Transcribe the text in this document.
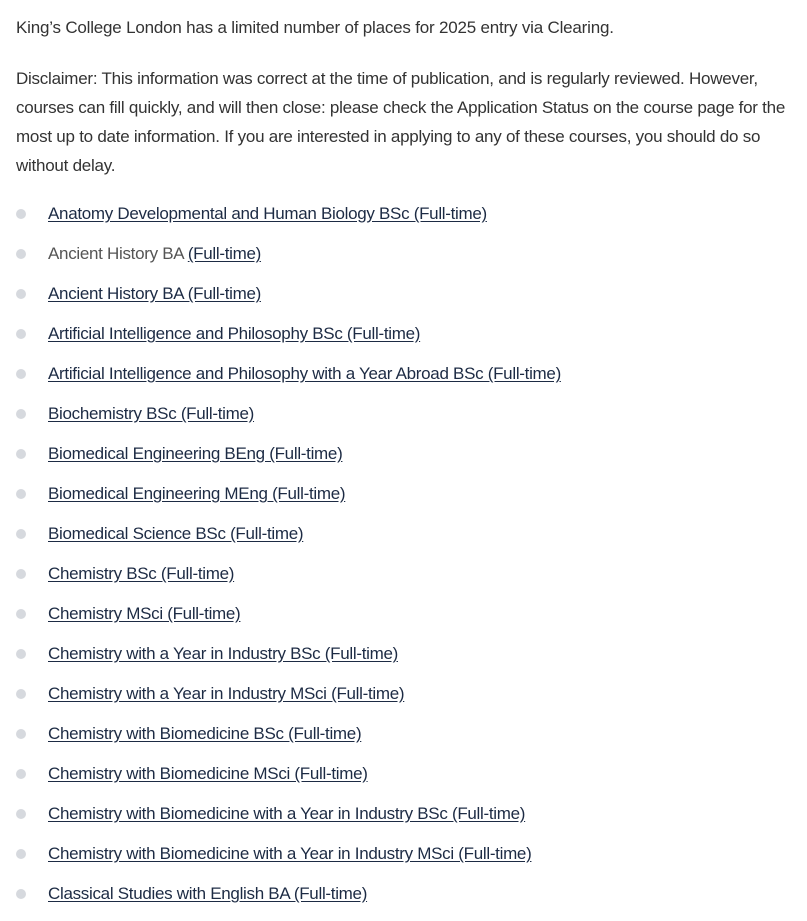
King’s College London has a limited number of places for 2025 entry via Clearing.

Disclaimer: This information was correct at the time of publication, and is regularly reviewed. However, courses can fill quickly, and will then close: please check the Application Status on the course page for the most up to date information. If you are interested in applying to any of these courses, you should do so without delay.

Anatomy Developmental and Human Biology BSc (Full-time)
Ancient History BA (Full-time)
Ancient History BA (Full-time)
Artificial Intelligence and Philosophy BSc (Full-time)
Artificial Intelligence and Philosophy with a Year Abroad BSc (Full-time)
Biochemistry BSc (Full-time)
Biomedical Engineering BEng (Full-time)
Biomedical Engineering MEng (Full-time)
Biomedical Science BSc (Full-time)
Chemistry BSc (Full-time)
Chemistry MSci (Full-time)
Chemistry with a Year in Industry BSc (Full-time)
Chemistry with a Year in Industry MSci (Full-time)
Chemistry with Biomedicine BSc (Full-time)
Chemistry with Biomedicine MSci (Full-time)
Chemistry with Biomedicine with a Year in Industry BSc (Full-time)
Chemistry with Biomedicine with a Year in Industry MSci (Full-time)
Classical Studies with English BA (Full-time)
